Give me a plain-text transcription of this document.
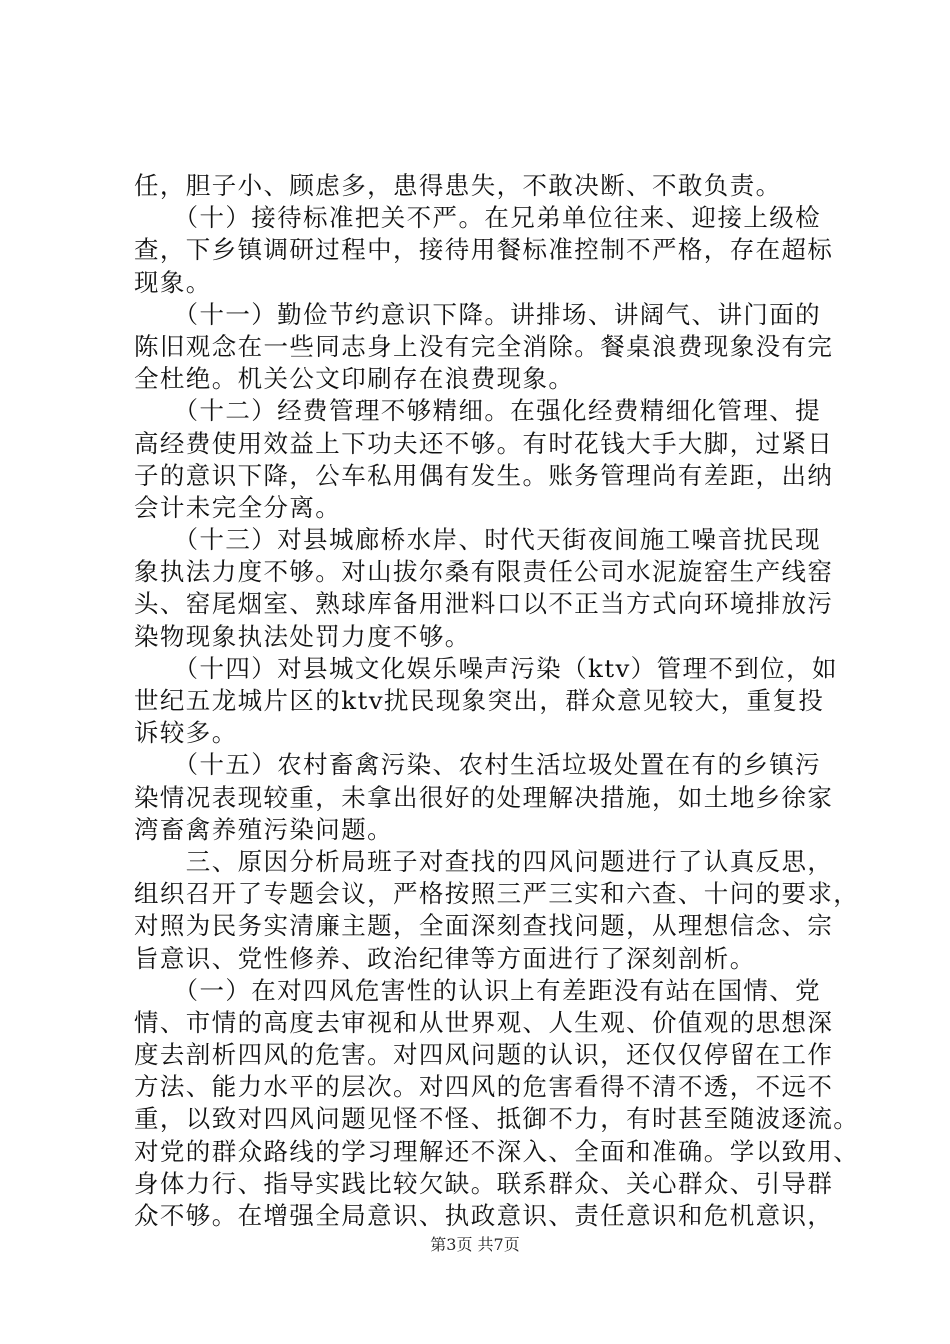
任，胆子小、顾虑多，患得患失，不敢决断、不敢负责。
　　（十）接待标准把关不严。在兄弟单位往来、迎接上级检
查，下乡镇调研过程中，接待用餐标准控制不严格，存在超标
现象。
　　（十一）勤俭节约意识下降。讲排场、讲阔气、讲门面的
陈旧观念在一些同志身上没有完全消除。餐桌浪费现象没有完
全杜绝。机关公文印刷存在浪费现象。
　　（十二）经费管理不够精细。在强化经费精细化管理、提
高经费使用效益上下功夫还不够。有时花钱大手大脚，过紧日
子的意识下降，公车私用偶有发生。账务管理尚有差距，出纳
会计未完全分离。
　　（十三）对县城廊桥水岸、时代天街夜间施工噪音扰民现
象执法力度不够。对山拔尔桑有限责任公司水泥旋窑生产线窑
头、窑尾烟室、熟球库备用泄料口以不正当方式向环境排放污
染物现象执法处罚力度不够。
　　（十四）对县城文化娱乐噪声污染（ktv）管理不到位，如
世纪五龙城片区的ktv扰民现象突出，群众意见较大，重复投
诉较多。
　　（十五）农村畜禽污染、农村生活垃圾处置在有的乡镇污
染情况表现较重，未拿出很好的处理解决措施，如土地乡徐家
湾畜禽养殖污染问题。
　　三、原因分析局班子对查找的四风问题进行了认真反思，
组织召开了专题会议，严格按照三严三实和六查、十问的要求，
对照为民务实清廉主题，全面深刻查找问题，从理想信念、宗
旨意识、党性修养、政治纪律等方面进行了深刻剖析。
　　（一）在对四风危害性的认识上有差距没有站在国情、党
情、市情的高度去审视和从世界观、人生观、价值观的思想深
度去剖析四风的危害。对四风问题的认识，还仅仅停留在工作
方法、能力水平的层次。对四风的危害看得不清不透，不远不
重，以致对四风问题见怪不怪、抵御不力，有时甚至随波逐流。
对党的群众路线的学习理解还不深入、全面和准确。学以致用、
身体力行、指导实践比较欠缺。联系群众、关心群众、引导群
众不够。在增强全局意识、执政意识、责任意识和危机意识，
第3页 共7页
